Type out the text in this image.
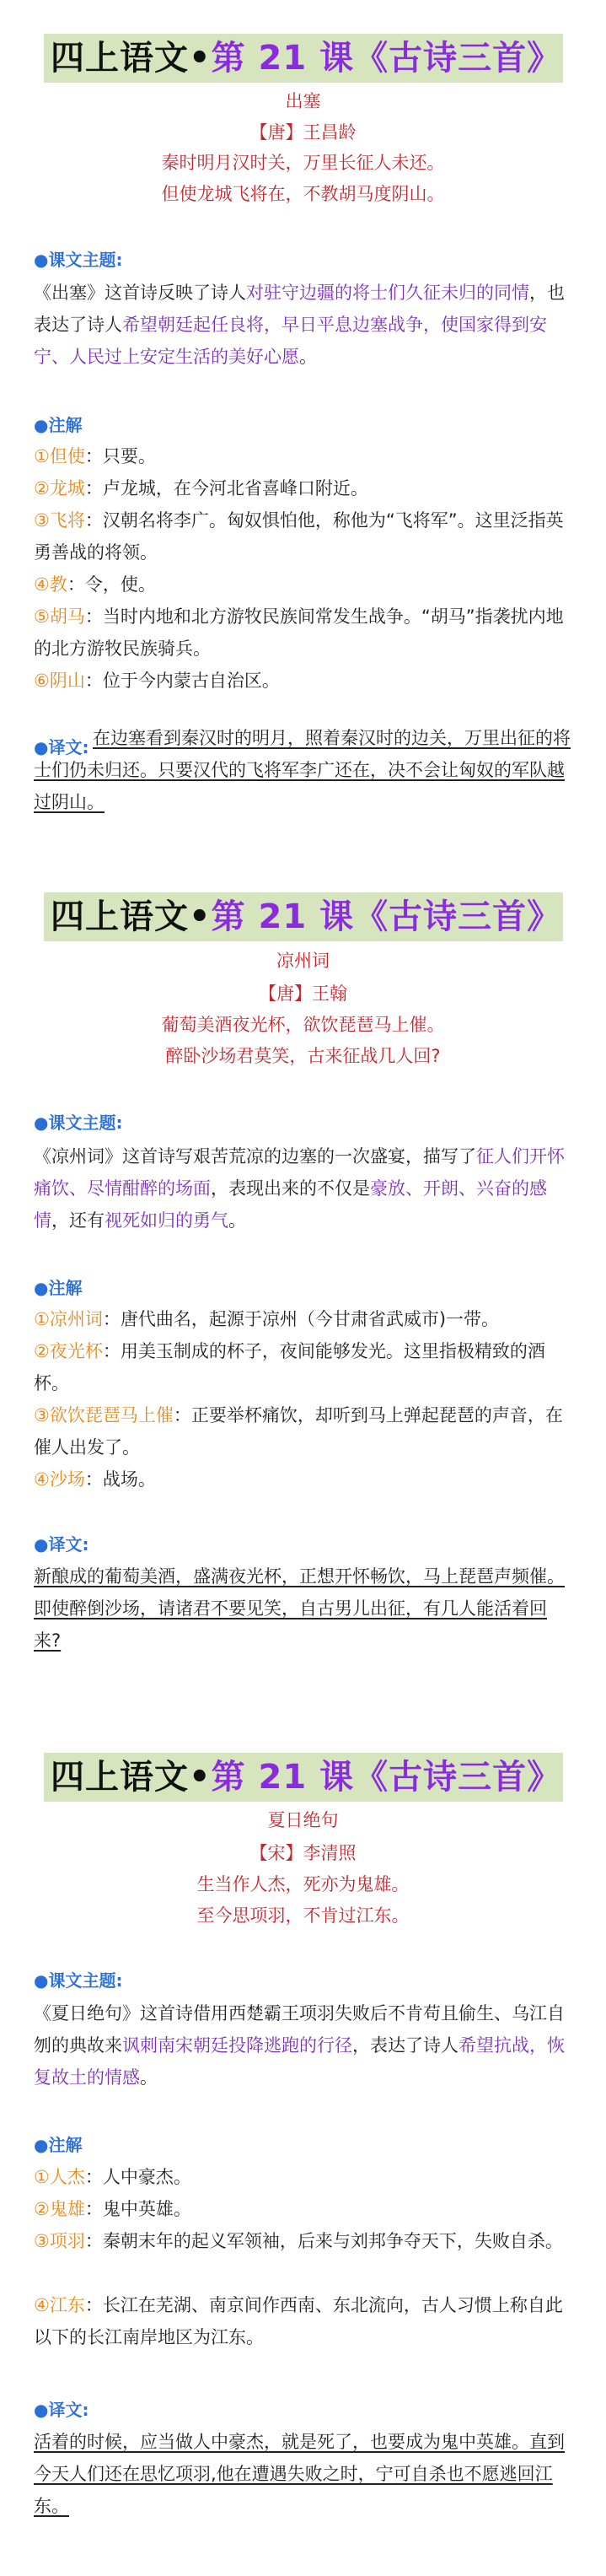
四上语文•第 21 课《古诗三首》
出塞
【唐】王昌龄
秦时明月汉时关，万里长征人未还。
但使龙城飞将在，不教胡马度阴山。
●课文主题:
《出塞》这首诗反映了诗人对驻守边疆的将士们久征未归的同情，也表达了诗人希望朝廷起任良将，早日平息边塞战争，使国家得到安宁、人民过上安定生活的美好心愿。
●注解
①但使：只要。
②龙城：卢龙城，在今河北省喜峰口附近。
③飞将：汉朝名将李广。匈奴惧怕他，称他为“飞将军”。这里泛指英勇善战的将领。
④教：令，使。
⑤胡马：当时内地和北方游牧民族间常发生战争。“胡马”指袭扰内地的北方游牧民族骑兵。
⑥阴山：位于今内蒙古自治区。
●译文: 在边塞看到秦汉时的明月，照着秦汉时的边关，万里出征的将士们仍未归还。只要汉代的飞将军李广还在，决不会让匈奴的军队越过阴山。
四上语文•第 21 课《古诗三首》
凉州词
【唐】王翰
葡萄美酒夜光杯，欲饮琵琶马上催。
醉卧沙场君莫笑，古来征战几人回?
●课文主题:
《凉州词》这首诗写艰苦荒凉的边塞的一次盛宴，描写了征人们开怀痛饮、尽情酣醉的场面，表现出来的不仅是豪放、开朗、兴奋的感情，还有视死如归的勇气。
●注解
①凉州词：唐代曲名，起源于凉州（今甘肃省武威市)一带。
②夜光杯：用美玉制成的杯子，夜间能够发光。这里指极精致的酒杯。
③欲饮琵琶马上催：正要举杯痛饮，却听到马上弹起琵琶的声音，在催人出发了。
④沙场：战场。
●译文:
新酿成的葡萄美酒，盛满夜光杯，正想开怀畅饮，马上琵琶声频催。即使醉倒沙场，请诸君不要见笑，自古男儿出征，有几人能活着回来?
四上语文•第 21 课《古诗三首》
夏日绝句
【宋】李清照
生当作人杰，死亦为鬼雄。
至今思项羽，不肯过江东。
●课文主题:
《夏日绝句》这首诗借用西楚霸王项羽失败后不肯苟且偷生、乌江自刎的典故来讽刺南宋朝廷投降逃跑的行径，表达了诗人希望抗战，恢复故土的情感。
●注解
①人杰：人中豪杰。
②鬼雄：鬼中英雄。
③项羽：秦朝末年的起义军领袖，后来与刘邦争夺天下，失败自杀。
④江东：长江在芜湖、南京间作西南、东北流向，古人习惯上称自此以下的长江南岸地区为江东。
●译文:
活着的时候，应当做人中豪杰，就是死了，也要成为鬼中英雄。直到今天人们还在思忆项羽,他在遭遇失败之时，宁可自杀也不愿逃回江东。
